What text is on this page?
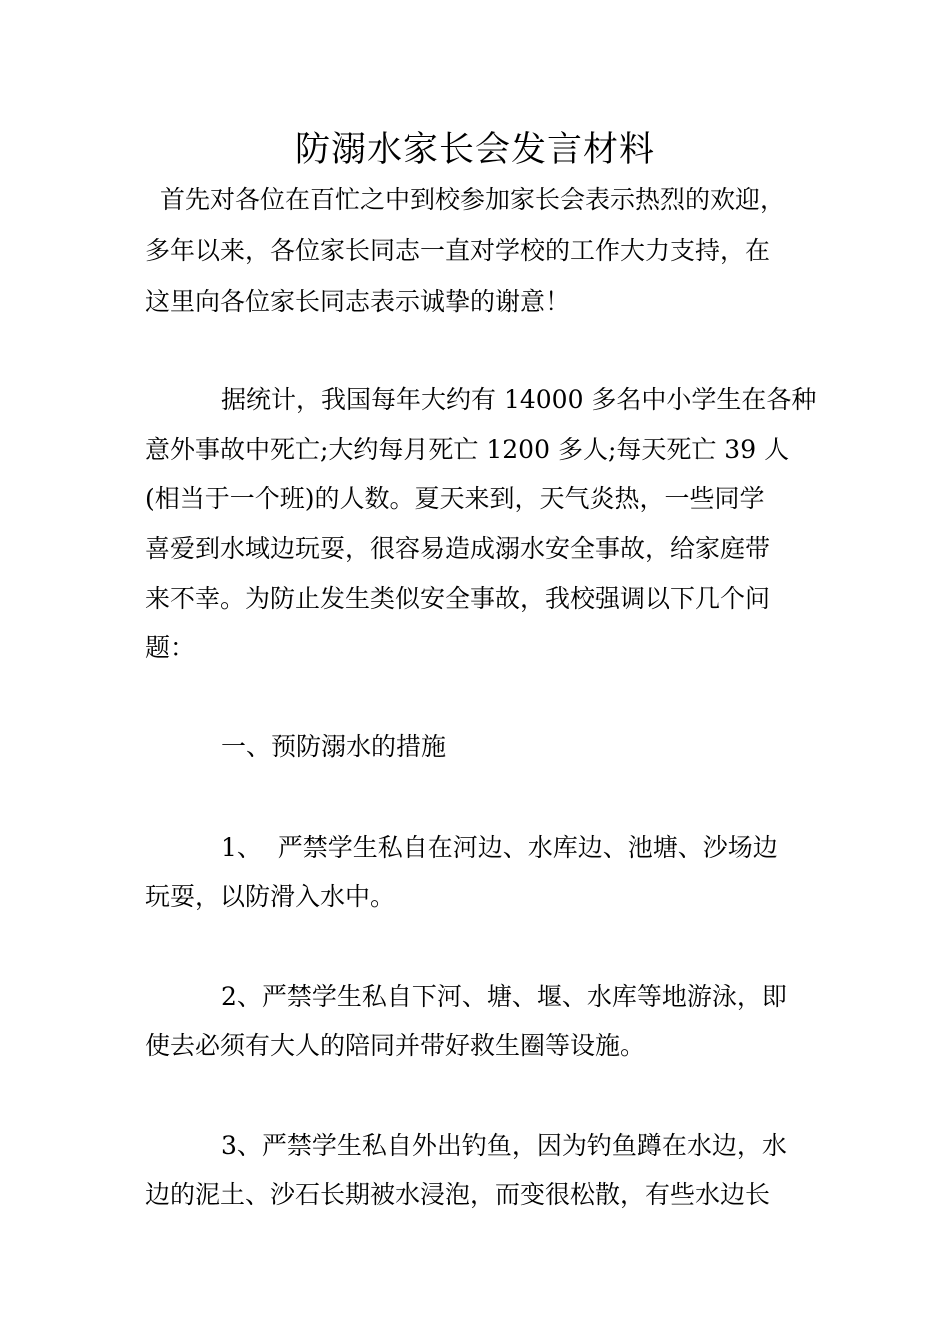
防溺水家长会发言材料
首先对各位在百忙之中到校参加家长会表示热烈的欢迎，
多年以来，各位家长同志一直对学校的工作大力支持，在
这里向各位家长同志表示诚挚的谢意！
据统计，我国每年大约有 14000 多名中小学生在各种
意外事故中死亡;大约每月死亡 1200 多人;每天死亡 39 人
(相当于一个班)的人数。夏天来到，天气炎热，一些同学
喜爱到水域边玩耍，很容易造成溺水安全事故，给家庭带
来不幸。为防止发生类似安全事故，我校强调以下几个问
题：
一、预防溺水的措施
1、  严禁学生私自在河边、水库边、池塘、沙场边
玩耍，以防滑入水中。
2、严禁学生私自下河、塘、堰、水库等地游泳，即
使去必须有大人的陪同并带好救生圈等设施。
3、严禁学生私自外出钓鱼，因为钓鱼蹲在水边，水
边的泥土、沙石长期被水浸泡，而变很松散，有些水边长
